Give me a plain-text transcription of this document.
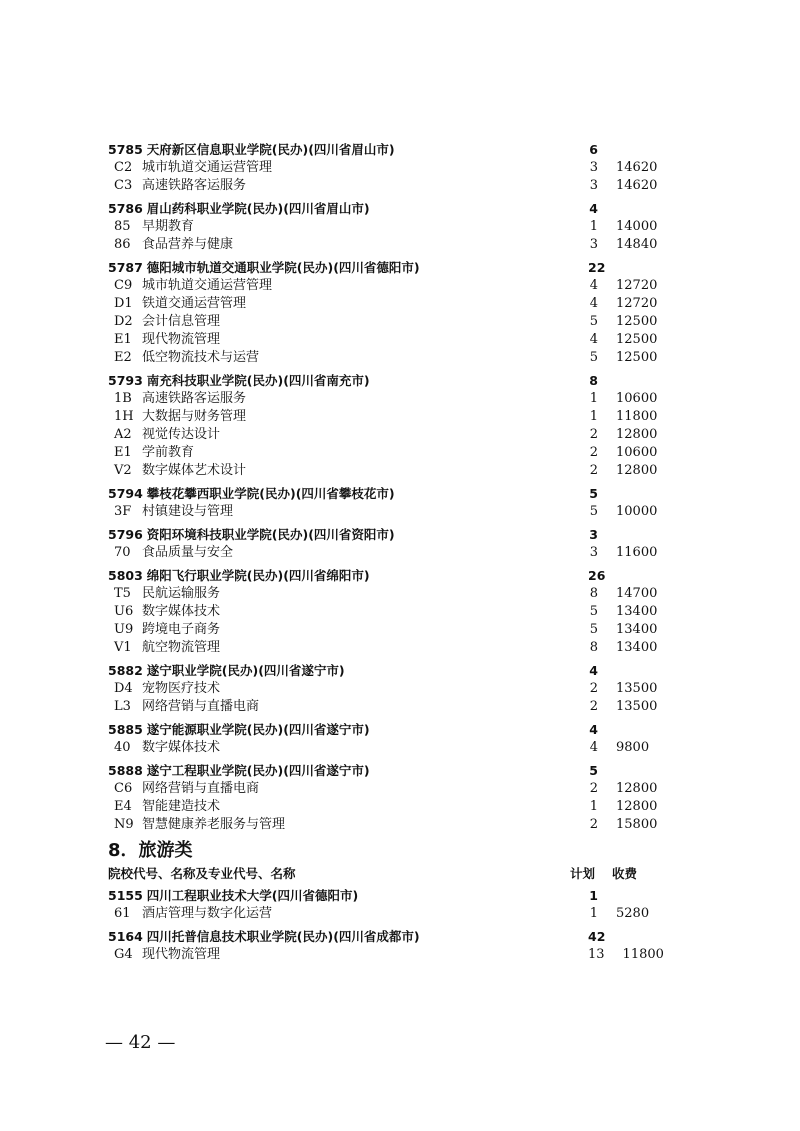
5785 天府新区信息职业学院(民办)(四川省眉山市)	6
C2 城市轨道交通运营管理	3	14620
C3 高速铁路客运服务	3	14620
5786 眉山药科职业学院(民办)(四川省眉山市)	4
85 早期教育	1	14000
86 食品营养与健康	3	14840
5787 德阳城市轨道交通职业学院(民办)(四川省德阳市)	22
C9 城市轨道交通运营管理	4	12720
D1 铁道交通运营管理	4	12720
D2 会计信息管理	5	12500
E1 现代物流管理	4	12500
E2 低空物流技术与运营	5	12500
5793 南充科技职业学院(民办)(四川省南充市)	8
1B 高速铁路客运服务	1	10600
1H 大数据与财务管理	1	11800
A2 视觉传达设计	2	12800
E1 学前教育	2	10600
V2 数字媒体艺术设计	2	12800
5794 攀枝花攀西职业学院(民办)(四川省攀枝花市)	5
3F 村镇建设与管理	5	10000
5796 资阳环境科技职业学院(民办)(四川省资阳市)	3
70 食品质量与安全	3	11600
5803 绵阳飞行职业学院(民办)(四川省绵阳市)	26
T5 民航运输服务	8	14700
U6 数字媒体技术	5	13400
U9 跨境电子商务	5	13400
V1 航空物流管理	8	13400
5882 遂宁职业学院(民办)(四川省遂宁市)	4
D4 宠物医疗技术	2	13500
L3 网络营销与直播电商	2	13500
5885 遂宁能源职业学院(民办)(四川省遂宁市)	4
40 数字媒体技术	4	9800
5888 遂宁工程职业学院(民办)(四川省遂宁市)	5
C6 网络营销与直播电商	2	12800
E4 智能建造技术	1	12800
N9 智慧健康养老服务与管理	2	15800
8．旅游类
院校代号、名称及专业代号、名称	计划	收费
5155 四川工程职业技术大学(四川省德阳市)	1
61 酒店管理与数字化运营	1	5280
5164 四川托普信息技术职业学院(民办)(四川省成都市)	42
G4 现代物流管理	13	11800
— 42 —
